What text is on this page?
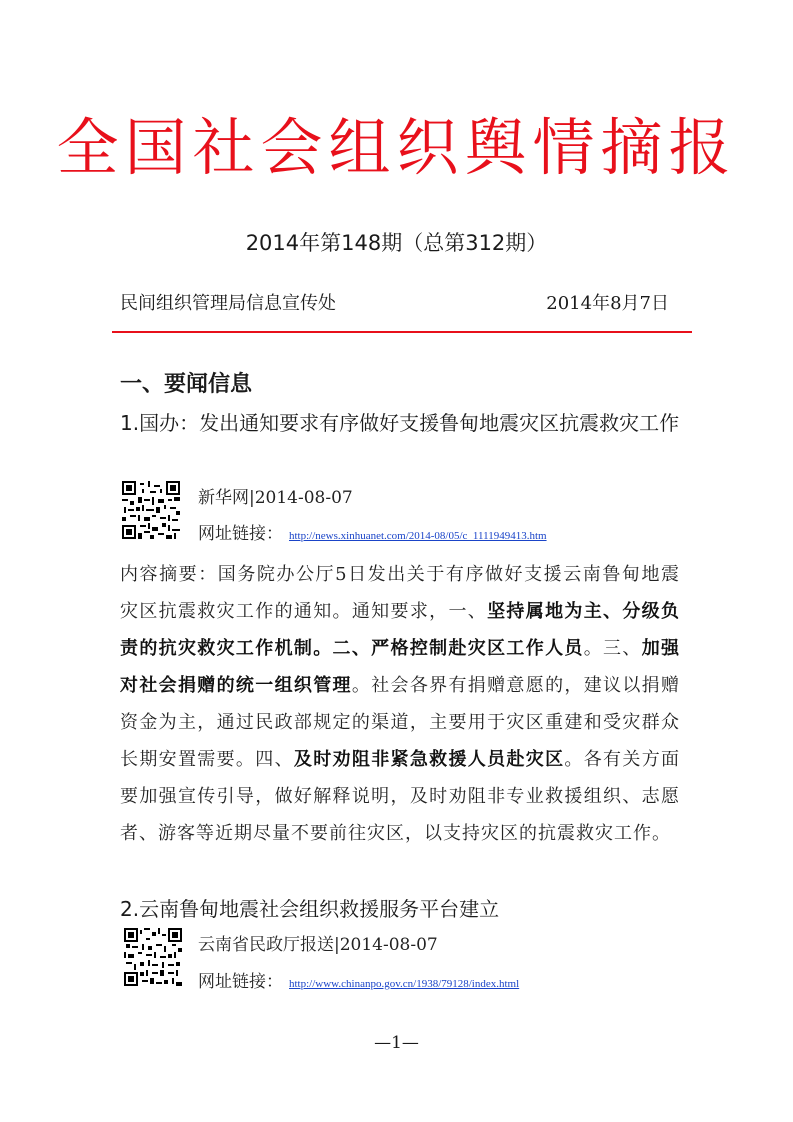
全国社会组织舆情摘报
2014年第148期（总第312期）
民间组织管理局信息宣传处	2014年8月7日
一、要闻信息
1.国办：发出通知要求有序做好支援鲁甸地震灾区抗震救灾工作
新华网|2014-08-07
网址链接： http://news.xinhuanet.com/2014-08/05/c_1111949413.htm
内容摘要：国务院办公厅5日发出关于有序做好支援云南鲁甸地震灾区抗震救灾工作的通知。通知要求，一、坚持属地为主、分级负责的抗灾救灾工作机制。二、严格控制赴灾区工作人员。三、加强对社会捐赠的统一组织管理。社会各界有捐赠意愿的，建议以捐赠资金为主，通过民政部规定的渠道，主要用于灾区重建和受灾群众长期安置需要。四、及时劝阻非紧急救援人员赴灾区。各有关方面要加强宣传引导，做好解释说明，及时劝阻非专业救援组织、志愿者、游客等近期尽量不要前往灾区，以支持灾区的抗震救灾工作。
2.云南鲁甸地震社会组织救援服务平台建立
云南省民政厅报送|2014-08-07
网址链接： http://www.chinanpo.gov.cn/1938/79128/index.html
—1—
